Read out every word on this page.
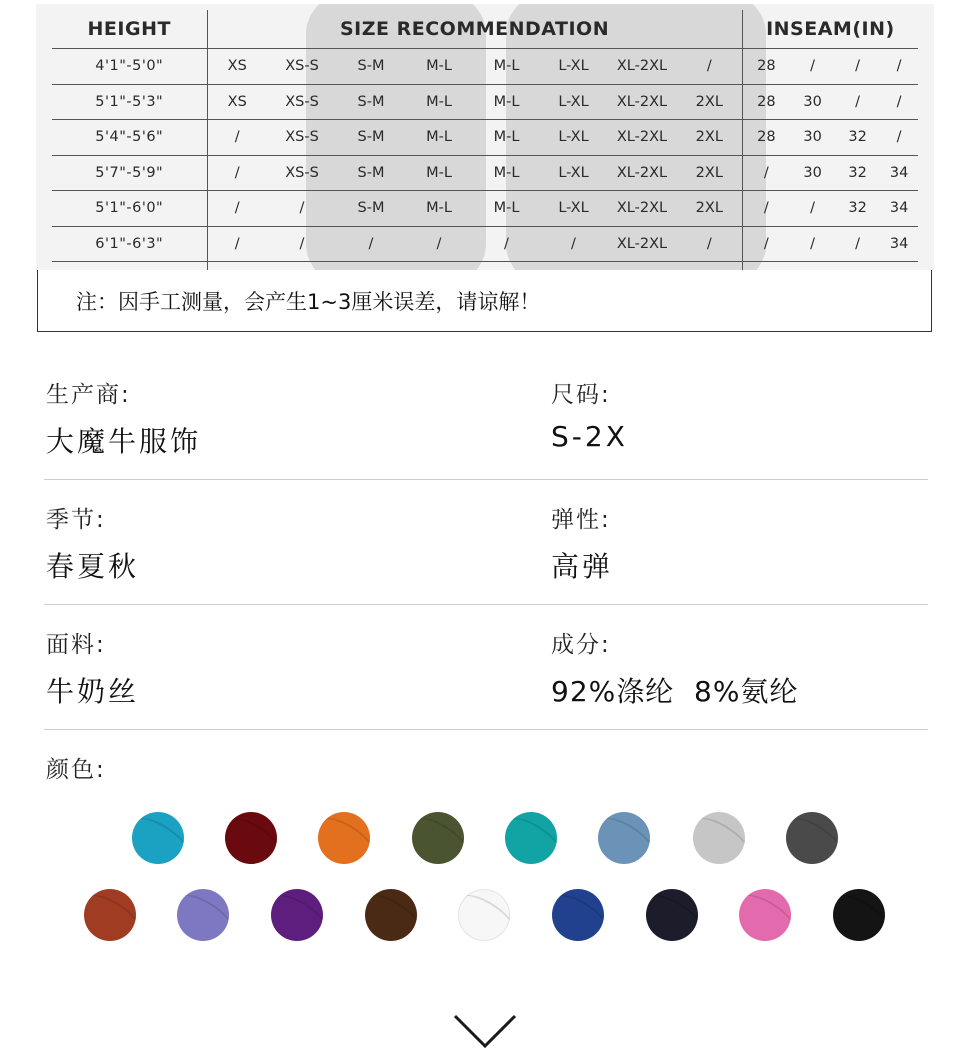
HEIGHT	SIZE RECOMMENDATION								INSEAM(IN)			
4'1"-5'0"	XS	XS-S	S-M	M-L	M-L	L-XL	XL-2XL	/	28	/	/	/
5'1"-5'3"	XS	XS-S	S-M	M-L	M-L	L-XL	XL-2XL	2XL	28	30	/	/
5'4"-5'6"	/	XS-S	S-M	M-L	M-L	L-XL	XL-2XL	2XL	28	30	32	/
5'7"-5'9"	/	XS-S	S-M	M-L	M-L	L-XL	XL-2XL	2XL	/	30	32	34
5'1"-6'0"	/	/	S-M	M-L	M-L	L-XL	XL-2XL	2XL	/	/	32	34
6'1"-6'3"	/	/	/	/	/	/	XL-2XL	/	/	/	/	34

注：因手工测量，会产生1~3厘米误差，请谅解！
生产商:
大魔牛服饰
尺码:
S-2X
季节:
春夏秋
弹性:
高弹
面料:
牛奶丝
成分:
92%涤纶  8%氨纶
颜色:
